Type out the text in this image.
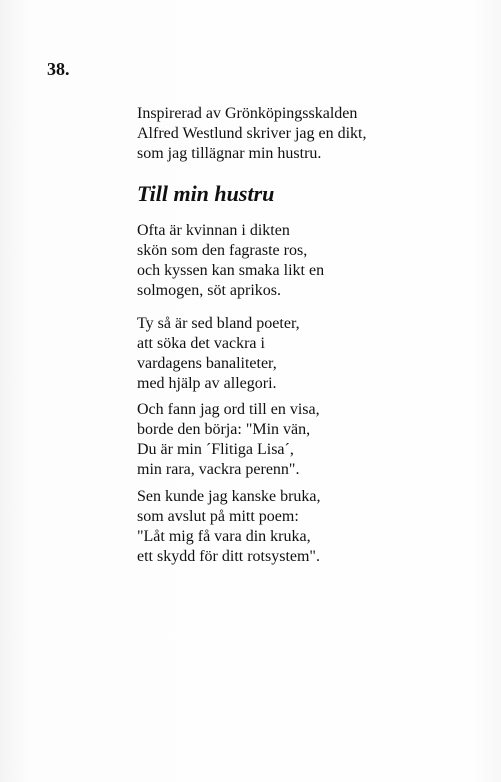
38.
Inspirerad av Grönköpingsskalden
Alfred Westlund skriver jag en dikt,
som jag tillägnar min hustru.
Till min hustru
Ofta är kvinnan i dikten
skön som den fagraste ros,
och kyssen kan smaka likt en
solmogen, söt aprikos.
Ty så är sed bland poeter,
att söka det vackra i
vardagens banaliteter,
med hjälp av allegori.
Och fann jag ord till en visa,
borde den börja: "Min vän,
Du är min ´Flitiga Lisa´,
min rara, vackra perenn".
Sen kunde jag kanske bruka,
som avslut på mitt poem:
"Låt mig få vara din kruka,
ett skydd för ditt rotsystem".
